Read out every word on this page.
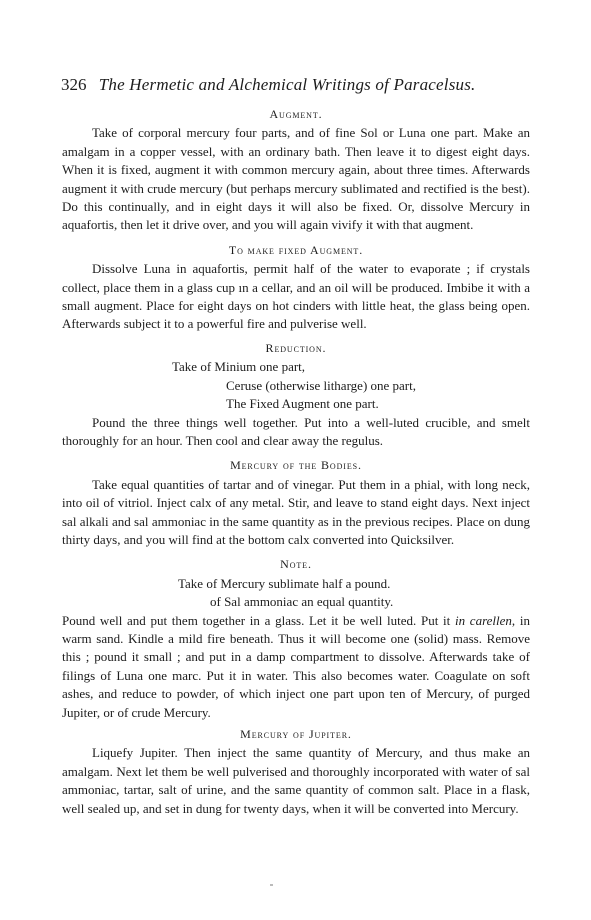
326 The Hermetic and Alchemical Writings of Paracelsus.
Augment.

Take of corporal mercury four parts, and of fine Sol or Luna one part. Make an amalgam in a copper vessel, with an ordinary bath. Then leave it to digest eight days. When it is fixed, augment it with common mercury again, about three times. Afterwards augment it with crude mercury (but perhaps mercury sublimated and rectified is the best). Do this continually, and in eight days it will also be fixed. Or, dissolve Mercury in aquafortis, then let it drive over, and you will again vivify it with that augment.

To make fixed Augment.

Dissolve Luna in aquafortis, permit half of the water to evaporate ; if crystals collect, place them in a glass cup ın a cellar, and an oil will be produced. Imbibe it with a small augment. Place for eight days on hot cinders with little heat, the glass being open. Afterwards subject it to a powerful fire and pulverise well.

Reduction.
Take of Minium one part,
Ceruse (otherwise litharge) one part,
The Fixed Augment one part.

Pound the three things well together. Put into a well-luted crucible, and smelt thoroughly for an hour. Then cool and clear away the regulus.

Mercury of the Bodies.

Take equal quantities of tartar and of vinegar. Put them in a phial, with long neck, into oil of vitriol. Inject calx of any metal. Stir, and leave to stand eight days. Next inject sal alkali and sal ammoniac in the same quantity as in the previous recipes. Place on dung thirty days, and you will find at the bottom calx converted into Quicksilver.

Note.
Take of Mercury sublimate half a pound.
of Sal ammoniac an equal quantity.

Pound well and put them together in a glass. Let it be well luted. Put it in carellen, in warm sand. Kindle a mild fire beneath. Thus it will become one (solid) mass. Remove this ; pound it small ; and put in a damp compartment to dissolve. Afterwards take of filings of Luna one marc. Put it in water. This also becomes water. Coagulate on soft ashes, and reduce to powder, of which inject one part upon ten of Mercury, of purged Jupiter, or of crude Mercury.

Mercury of Jupiter.

Liquefy Jupiter. Then inject the same quantity of Mercury, and thus make an amalgam. Next let them be well pulverised and thoroughly incorporated with water of sal ammoniac, tartar, salt of urine, and the same quantity of common salt. Place in a flask, well sealed up, and set in dung for twenty days, when it will be converted into Mercury.
